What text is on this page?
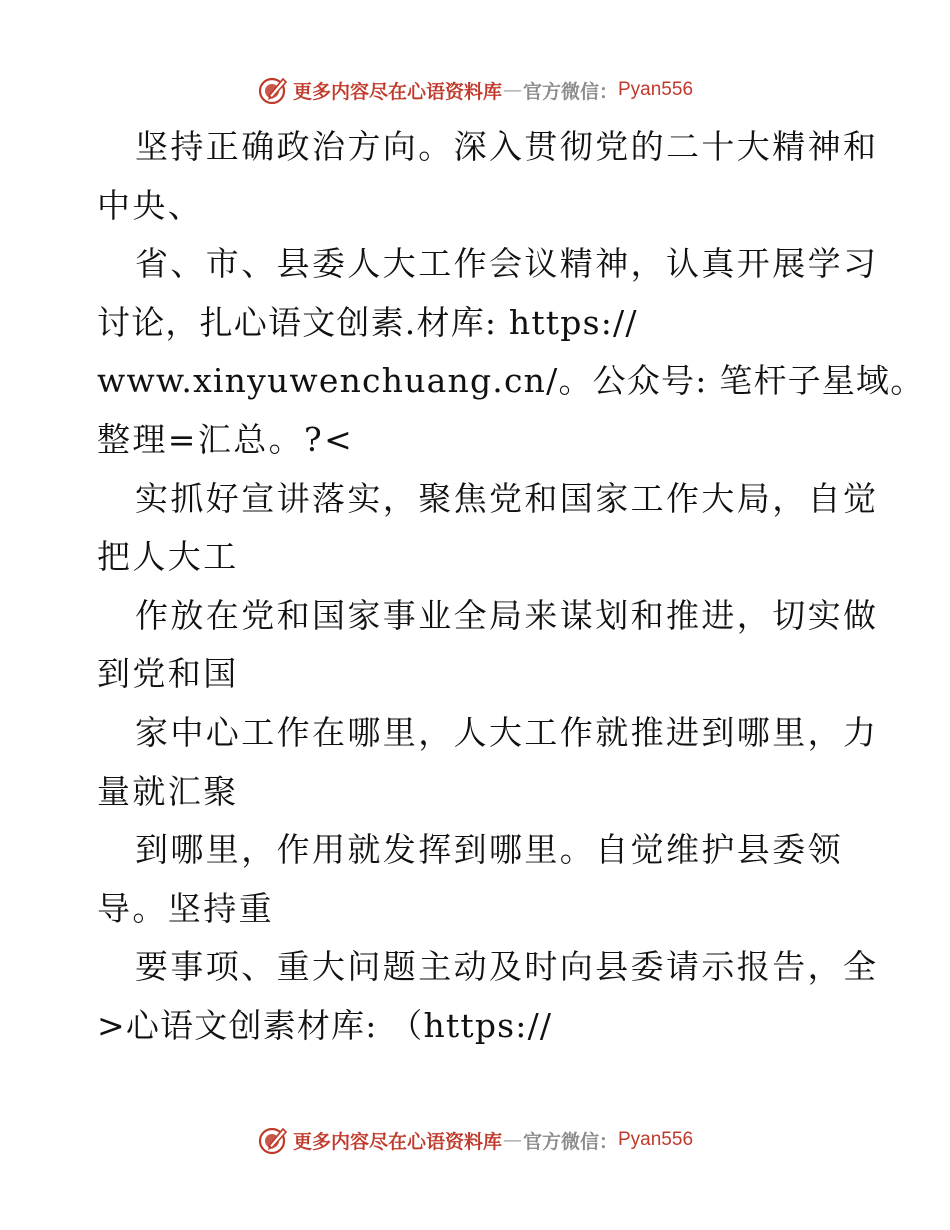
更多内容尽在心语资料库 — 官方微信： Pyan556
坚持正确政治方向。深入贯彻党的二十大精神和
中央、
省、市、县委人大工作会议精神，认真开展学习
讨论，扎心语文创素.材库: https://
www.xinyuwenchuang.cn/。公众号: 笔杆子星域。
整理=汇总。?<
实抓好宣讲落实，聚焦党和国家工作大局，自觉
把人大工
作放在党和国家事业全局来谋划和推进，切实做
到党和国
家中心工作在哪里，人大工作就推进到哪里，力
量就汇聚
到哪里，作用就发挥到哪里。自觉维护县委领
导。坚持重
要事项、重大问题主动及时向县委请示报告，全
>心语文创素材库: （https://
更多内容尽在心语资料库 — 官方微信： Pyan556
